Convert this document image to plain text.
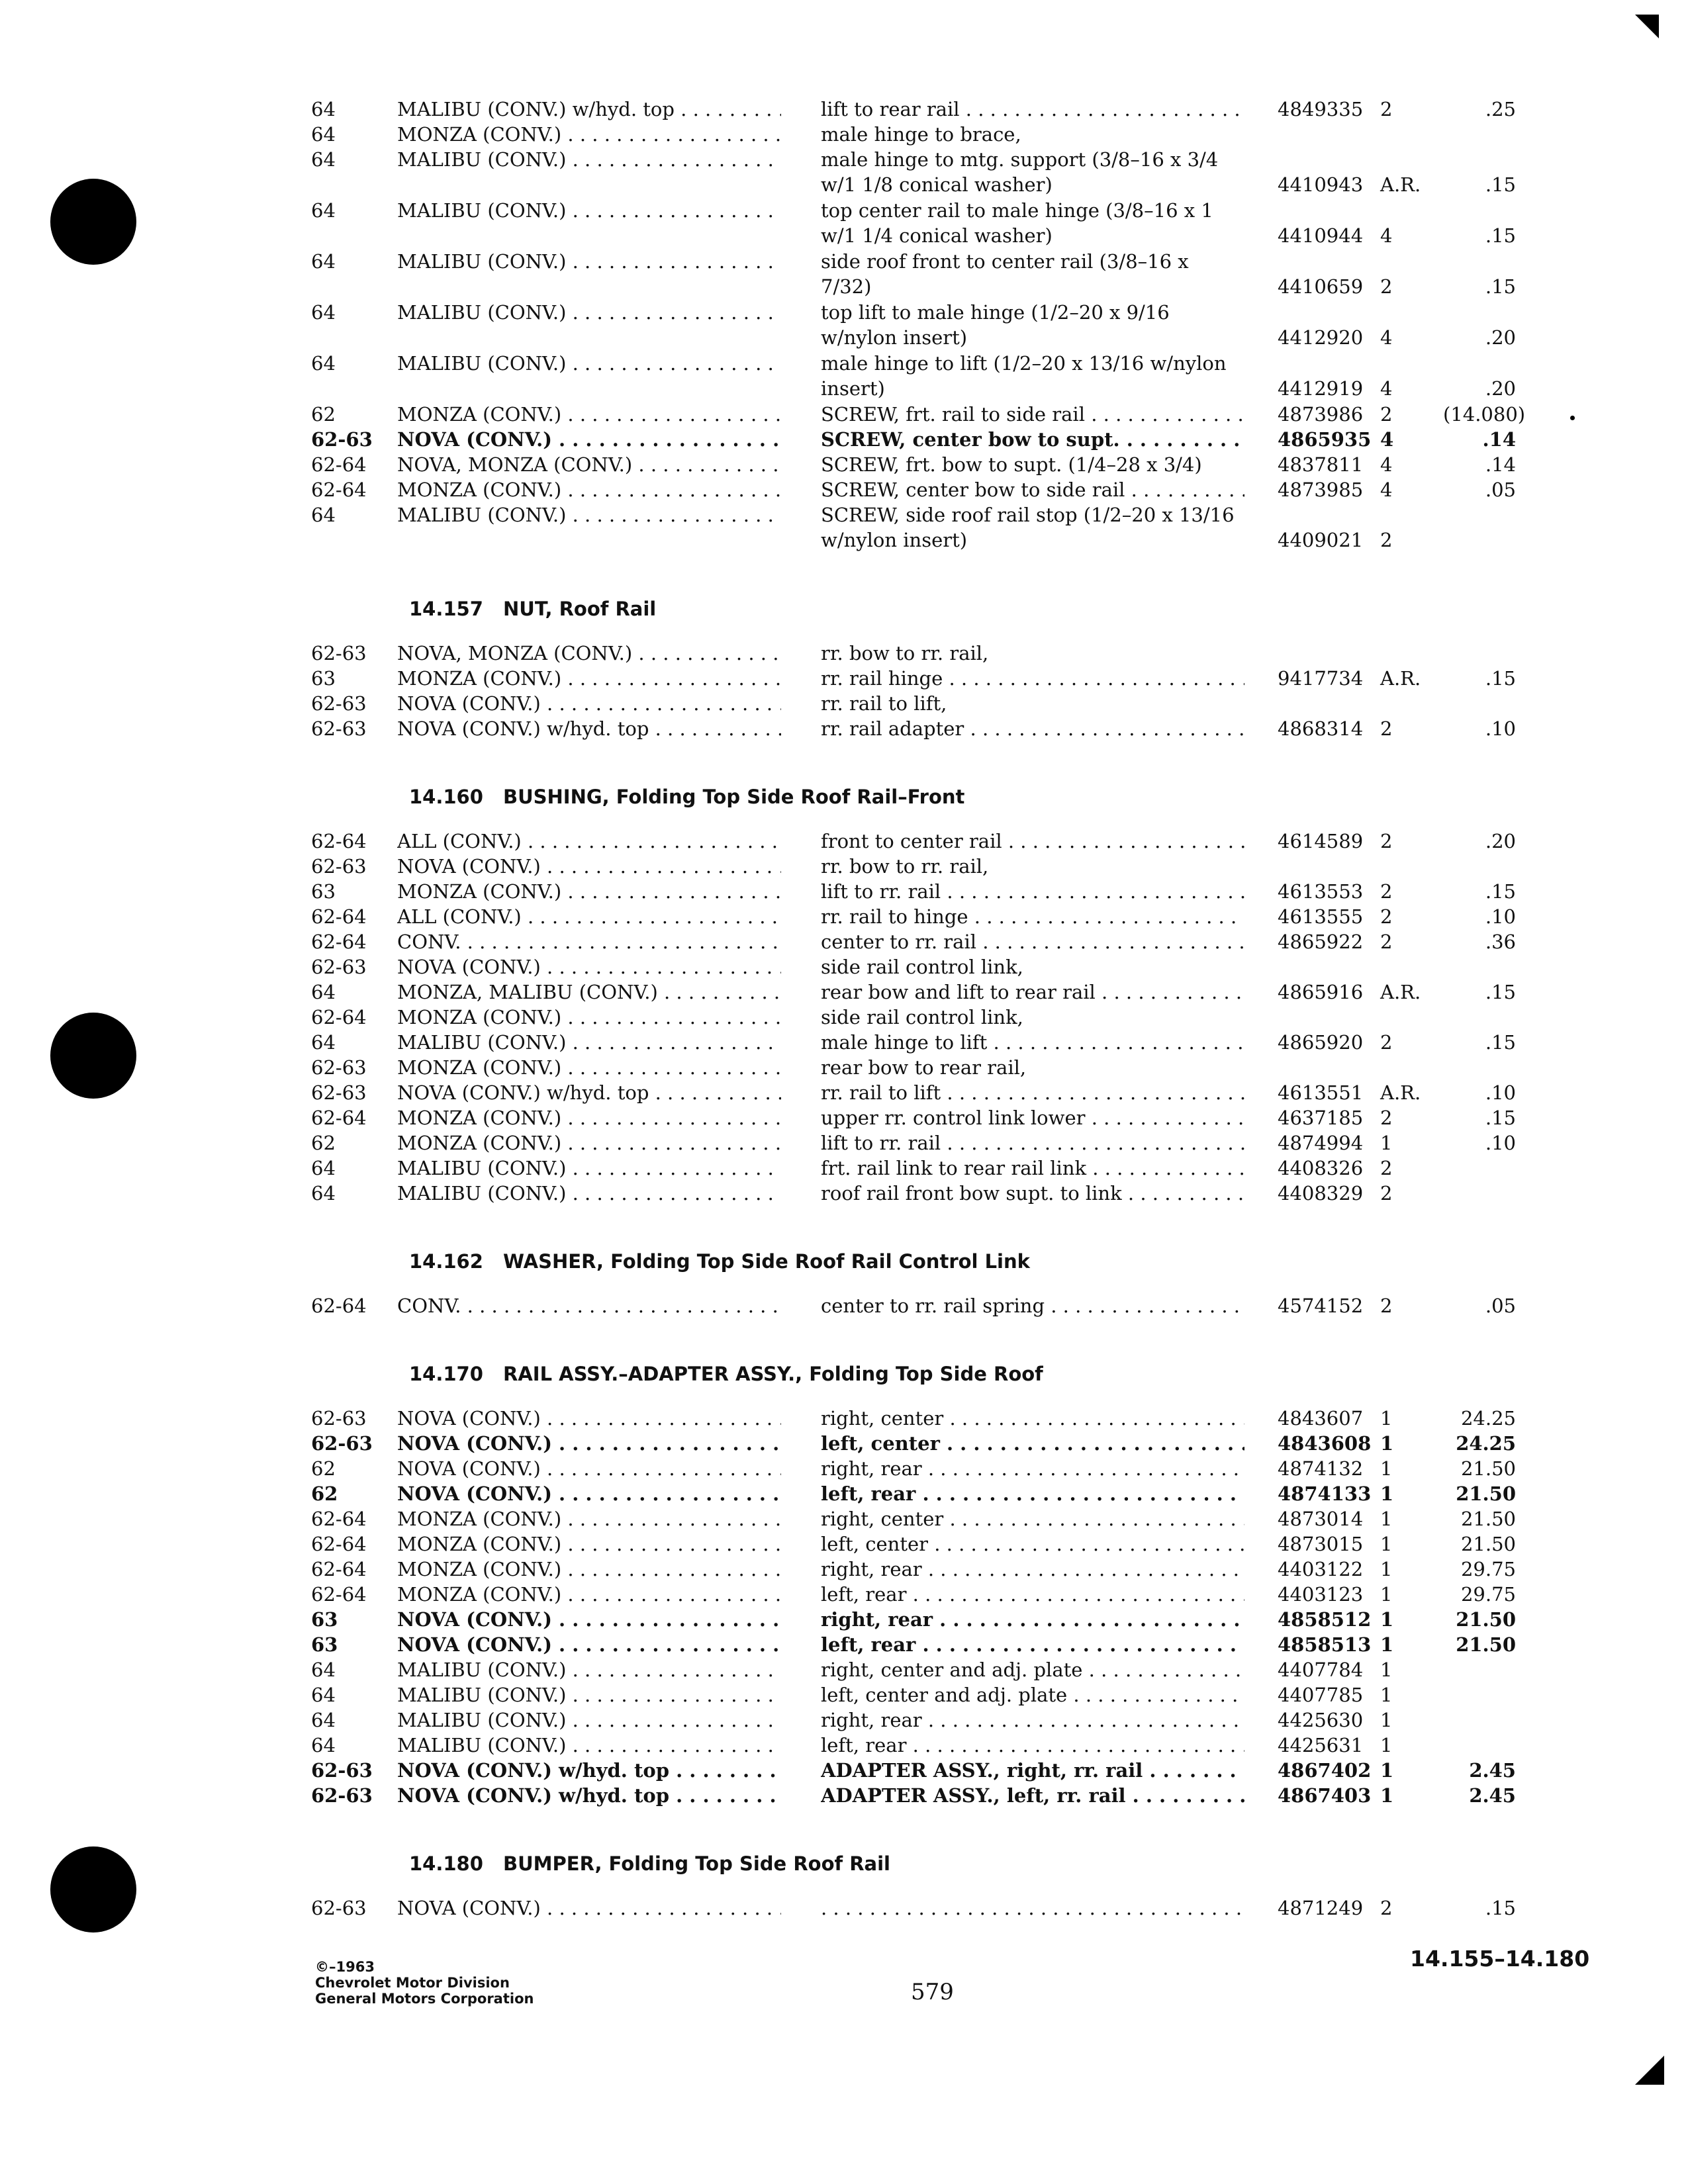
64	MALIBU (CONV.) w/hyd. top . . .	lift to rear rail . . .	4849335 2	.25
64	MONZA (CONV.) . . .	male hinge to brace,
64	MALIBU (CONV.) . . .	male hinge to mtg. support (3/8–16 x 3/4 w/1 1/8 conical washer)	4410943 A.R.	.15
64	MALIBU (CONV.) . . .	top center rail to male hinge (3/8–16 x 1 w/1 1/4 conical washer)	4410944 4	.15
64	MALIBU (CONV.) . . .	side roof front to center rail (3/8–16 x 7/32)	4410659 2	.15
64	MALIBU (CONV.) . . .	top lift to male hinge (1/2–20 x 9/16 w/nylon insert)	4412920 4	.20
64	MALIBU (CONV.) . . .	male hinge to lift (1/2–20 x 13/16 w/nylon insert)	4412919 4	.20
62	MONZA (CONV.) . . .	SCREW, frt. rail to side rail . . .	4873986 2	(14.080)
62-63	NOVA (CONV.) . . .	SCREW, center bow to supt. . . .	4865935 4	.14
62-64	NOVA, MONZA (CONV.) . . .	SCREW, frt. bow to supt. (1/4–28 x 3/4)	4837811 4	.14
62-64	MONZA (CONV.) . . .	SCREW, center bow to side rail . . .	4873985 4	.05
64	MALIBU (CONV.) . . .	SCREW, side roof rail stop (1/2–20 x 13/16 w/nylon insert)	4409021 2
14.157 NUT, Roof Rail
62-63	NOVA, MONZA (CONV.) . . .	rr. bow to rr. rail,
63	MONZA (CONV.) . . .	rr. rail hinge . . .	9417734 A.R.	.15
62-63	NOVA (CONV.) . . .	rr. rail to lift,
62-63	NOVA (CONV.) w/hyd. top . . .	rr. rail adapter . . .	4868314 2	.10
14.160 BUSHING, Folding Top Side Roof Rail–Front
62-64	ALL (CONV.) . . .	front to center rail . . .	4614589 2	.20
62-63	NOVA (CONV.) . . .	rr. bow to rr. rail,
63	MONZA (CONV.) . . .	lift to rr. rail . . .	4613553 2	.15
62-64	ALL (CONV.) . . .	rr. rail to hinge . . .	4613555 2	.10
62-64	CONV. . . .	center to rr. rail . . .	4865922 2	.36
62-63	NOVA (CONV.) . . .	side rail control link,
64	MONZA, MALIBU (CONV.) . . .	rear bow and lift to rear rail . . .	4865916 A.R.	.15
62-64	MONZA (CONV.) . . .	side rail control link,
64	MALIBU (CONV.) . . .	male hinge to lift . . .	4865920 2	.15
62-63	MONZA (CONV.) . . .	rear bow to rear rail,
62-63	NOVA (CONV.) w/hyd. top . . .	rr. rail to lift . . .	4613551 A.R.	.10
62-64	MONZA (CONV.) . . .	upper rr. control link lower . . .	4637185 2	.15
62	MONZA (CONV.) . . .	lift to rr. rail . . .	4874994 1	.10
64	MALIBU (CONV.) . . .	frt. rail link to rear rail link . . .	4408326 2
64	MALIBU (CONV.) . . .	roof rail front bow supt. to link . . .	4408329 2
14.162 WASHER, Folding Top Side Roof Rail Control Link
62-64	CONV. . . .	center to rr. rail spring . . .	4574152 2	.05
14.170 RAIL ASSY.–ADAPTER ASSY., Folding Top Side Roof
62-63	NOVA (CONV.) . . .	right, center . . .	4843607 1	24.25
62-63	NOVA (CONV.) . . .	left, center . . .	4843608 1	24.25
62	NOVA (CONV.) . . .	right, rear . . .	4874132 1	21.50
62	NOVA (CONV.) . . .	left, rear . . .	4874133 1	21.50
62-64	MONZA (CONV.) . . .	right, center . . .	4873014 1	21.50
62-64	MONZA (CONV.) . . .	left, center . . .	4873015 1	21.50
62-64	MONZA (CONV.) . . .	right, rear . . .	4403122 1	29.75
62-64	MONZA (CONV.) . . .	left, rear . . .	4403123 1	29.75
63	NOVA (CONV.) . . .	right, rear . . .	4858512 1	21.50
63	NOVA (CONV.) . . .	left, rear . . .	4858513 1	21.50
64	MALIBU (CONV.) . . .	right, center and adj. plate . . .	4407784 1
64	MALIBU (CONV.) . . .	left, center and adj. plate . . .	4407785 1
64	MALIBU (CONV.) . . .	right, rear . . .	4425630 1
64	MALIBU (CONV.) . . .	left, rear . . .	4425631 1
62-63	NOVA (CONV.) w/hyd. top . . .	ADAPTER ASSY., right, rr. rail . . .	4867402 1	2.45
62-63	NOVA (CONV.) w/hyd. top . . .	ADAPTER ASSY., left, rr. rail . . .	4867403 1	2.45
14.180 BUMPER, Folding Top Side Roof Rail
62-63	NOVA (CONV.) . . .
. . .	4871249 2	.15
©–1963
Chevrolet Motor Division
General Motors Corporation	579
14.155–14.180
